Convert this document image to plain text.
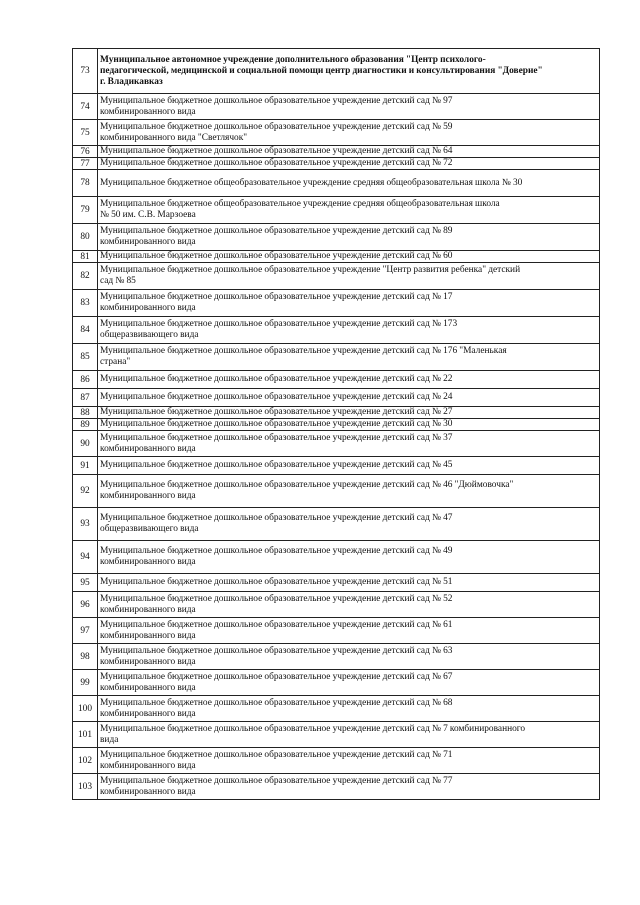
73	Муниципальное автономное учреждение дополнительного образования "Центр психолого-
педагогической, медицинской и социальной помощи центр диагностики и консультирования "Доверие"
г. Владикавказ

74	Муниципальное бюджетное дошкольное образовательное учреждение детский сад № 97
комбинированного вида

75	Муниципальное бюджетное дошкольное образовательное учреждение детский сад № 59
комбинированного вида "Светлячок"

76	Муниципальное бюджетное дошкольное образовательное учреждение детский сад № 64

77	Муниципальное бюджетное дошкольное образовательное учреждение детский сад № 72

78	Муниципальное бюджетное общеобразовательное учреждение средняя общеобразовательная школа № 30

79	Муниципальное бюджетное общеобразовательное учреждение средняя общеобразовательная школа
№ 50 им. С.В. Марзоева

80	Муниципальное бюджетное дошкольное образовательное учреждение детский сад № 89
комбинированного вида

81	Муниципальное бюджетное дошкольное образовательное учреждение детский сад № 60

82	Муниципальное бюджетное дошкольное образовательное учреждение "Центр развития ребенка" детский
сад № 85

83	Муниципальное бюджетное дошкольное образовательное учреждение детский сад № 17
комбинированного вида

84	Муниципальное бюджетное дошкольное образовательное учреждение детский сад № 173
общеразвивающего вида

85	Муниципальное бюджетное дошкольное образовательное учреждение детский сад № 176 "Маленькая
страна"

86	Муниципальное бюджетное дошкольное образовательное учреждение детский сад № 22

87	Муниципальное бюджетное дошкольное образовательное учреждение детский сад № 24

88	Муниципальное бюджетное дошкольное образовательное учреждение детский сад № 27

89	Муниципальное бюджетное дошкольное образовательное учреждение детский сад № 30

90	Муниципальное бюджетное дошкольное образовательное учреждение детский сад № 37
комбинированного вида

91	Муниципальное бюджетное дошкольное образовательное учреждение детский сад № 45

92	Муниципальное бюджетное дошкольное образовательное учреждение детский сад № 46 "Дюймовочка"
комбинированного вида

93	Муниципальное бюджетное дошкольное образовательное учреждение детский сад № 47
общеразвивающего вида

94	Муниципальное бюджетное дошкольное образовательное учреждение детский сад № 49
комбинированного вида

95	Муниципальное бюджетное дошкольное образовательное учреждение детский сад № 51

96	Муниципальное бюджетное дошкольное образовательное учреждение детский сад № 52
комбинированного вида

97	Муниципальное бюджетное дошкольное образовательное учреждение детский сад № 61
комбинированного вида

98	Муниципальное бюджетное дошкольное образовательное учреждение детский сад № 63
комбинированного вида

99	Муниципальное бюджетное дошкольное образовательное учреждение детский сад № 67
комбинированного вида

100	Муниципальное бюджетное дошкольное образовательное учреждение детский сад № 68
комбинированного вида

101	Муниципальное бюджетное дошкольное образовательное учреждение детский сад № 7 комбинированного
вида

102	Муниципальное бюджетное дошкольное образовательное учреждение детский сад № 71
комбинированного вида

103	Муниципальное бюджетное дошкольное образовательное учреждение детский сад № 77
комбинированного вида
